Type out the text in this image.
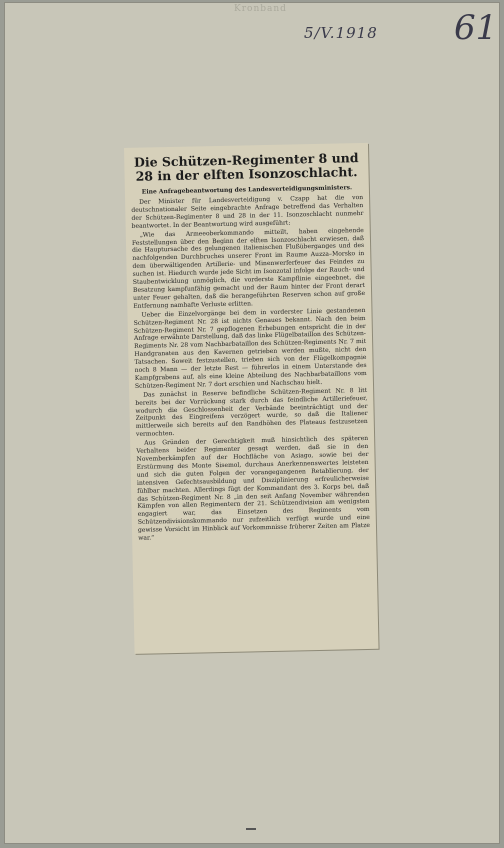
Kronband
5/V.1918 61
Die Schützen-Regimenter 8 und 28 in der elften Isonzoschlacht.
Eine Anfragebeantwortung des Landesverteidigungsministers.

Der Minister für Landesverteidigung v. Czapp hat die von deutschnationaler Seite eingebrachte Anfrage betreffend das Verhalten der Schützen-Regimenter 8 und 28 in der 11. Isonzoschlacht nunmehr beantwortet. In der Beantwortung wird ausgeführt:

„Wie das Armeeoberkommando mitteilt, haben eingehende Feststellungen über den Beginn der elften Isonzoschlacht erwiesen, daß die Hauptursache des gelungenen italienischen Flußüberganges und des nachfolgenden Durchbruches unserer Front im Raume Auzza–Morsko in dem überwältigenden Artillerie- und Minenwerferfeuer des Feindes zu suchen ist. Hiedurch wurde jede Sicht im Isonzotal infolge der Rauch- und Staubentwicklung unmöglich, die vorderste Kampflinie eingeebnet, die Besatzung kampfunfähig gemacht und der Raum hinter der Front derart unter Feuer gehalten, daß die herangeführten Reserven schon auf große Entfernung namhafte Verluste erlitten.

Ueber die Einzelvorgänge bei dem in vorderster Linie gestandenen Schützen-Regiment Nr. 28 ist nichts Genaues bekannt. Nach den beim Schützen-Regiment Nr. 7 gepflogenen Erhebungen entspricht die in der Anfrage erwähnte Darstellung, daß das linke Flügelbataillon des Schützen-Regiments Nr. 28 vom Nachbarbataillon des Schützen-Regiments Nr. 7 mit Handgranaten aus den Kavernen getrieben werden mußte, nicht den Tatsachen. Soweit festzustellen, trieben sich von der Flügelkompagnie noch 8 Mann — der letzte Rest — führerlos in einem Unterstande des Kampfgrabens auf, als eine kleine Abteilung des Nachbarbataillons vom Schützen-Regiment Nr. 7 dort erschien und Nachschau hielt.

Das zunächst in Reserve befindliche Schützen-Regiment Nr. 8 litt bereits bei der Vorrückung stark durch das feindliche Artilleriefeuer, wodurch die Geschlossenheit der Verbände beeinträchtigt und der Zeitpunkt des Eingreifens verzögert wurde, so daß die Italiener mittlerweile sich bereits auf den Randhöhen des Plateaus festzusetzen vermochten.

Aus Gründen der Gerechtigkeit muß hinsichtlich des späteren Verhaltens beider Regimenter gesagt werden, daß sie in den Novemberkämpfen auf der Hochfläche von Asiago, sowie bei der Erstürmung des Monte Sisemol, durchaus Anerkennenswertes leisteten und sich die guten Folgen der vorangegangenen Retablierung, der intensiven Gefechtsausbildung und Disziplinierung erfreulicherweise fühlbar machten. Allerdings fügt der Kommandant des 3. Korps bei, daß das Schützen-Regiment Nr. 8 „in den seit Anfang November währenden Kämpfen von allen Regimentern der 21. Schützendivision am wenigsten engagiert war, das Einsetzen des Regiments vom Schützendivisionskommando nur zufzeitlich verfügt wurde und eine gewisse Vorsicht im Hinblick auf Vorkommnisse früherer Zeiten am Platze war.“
